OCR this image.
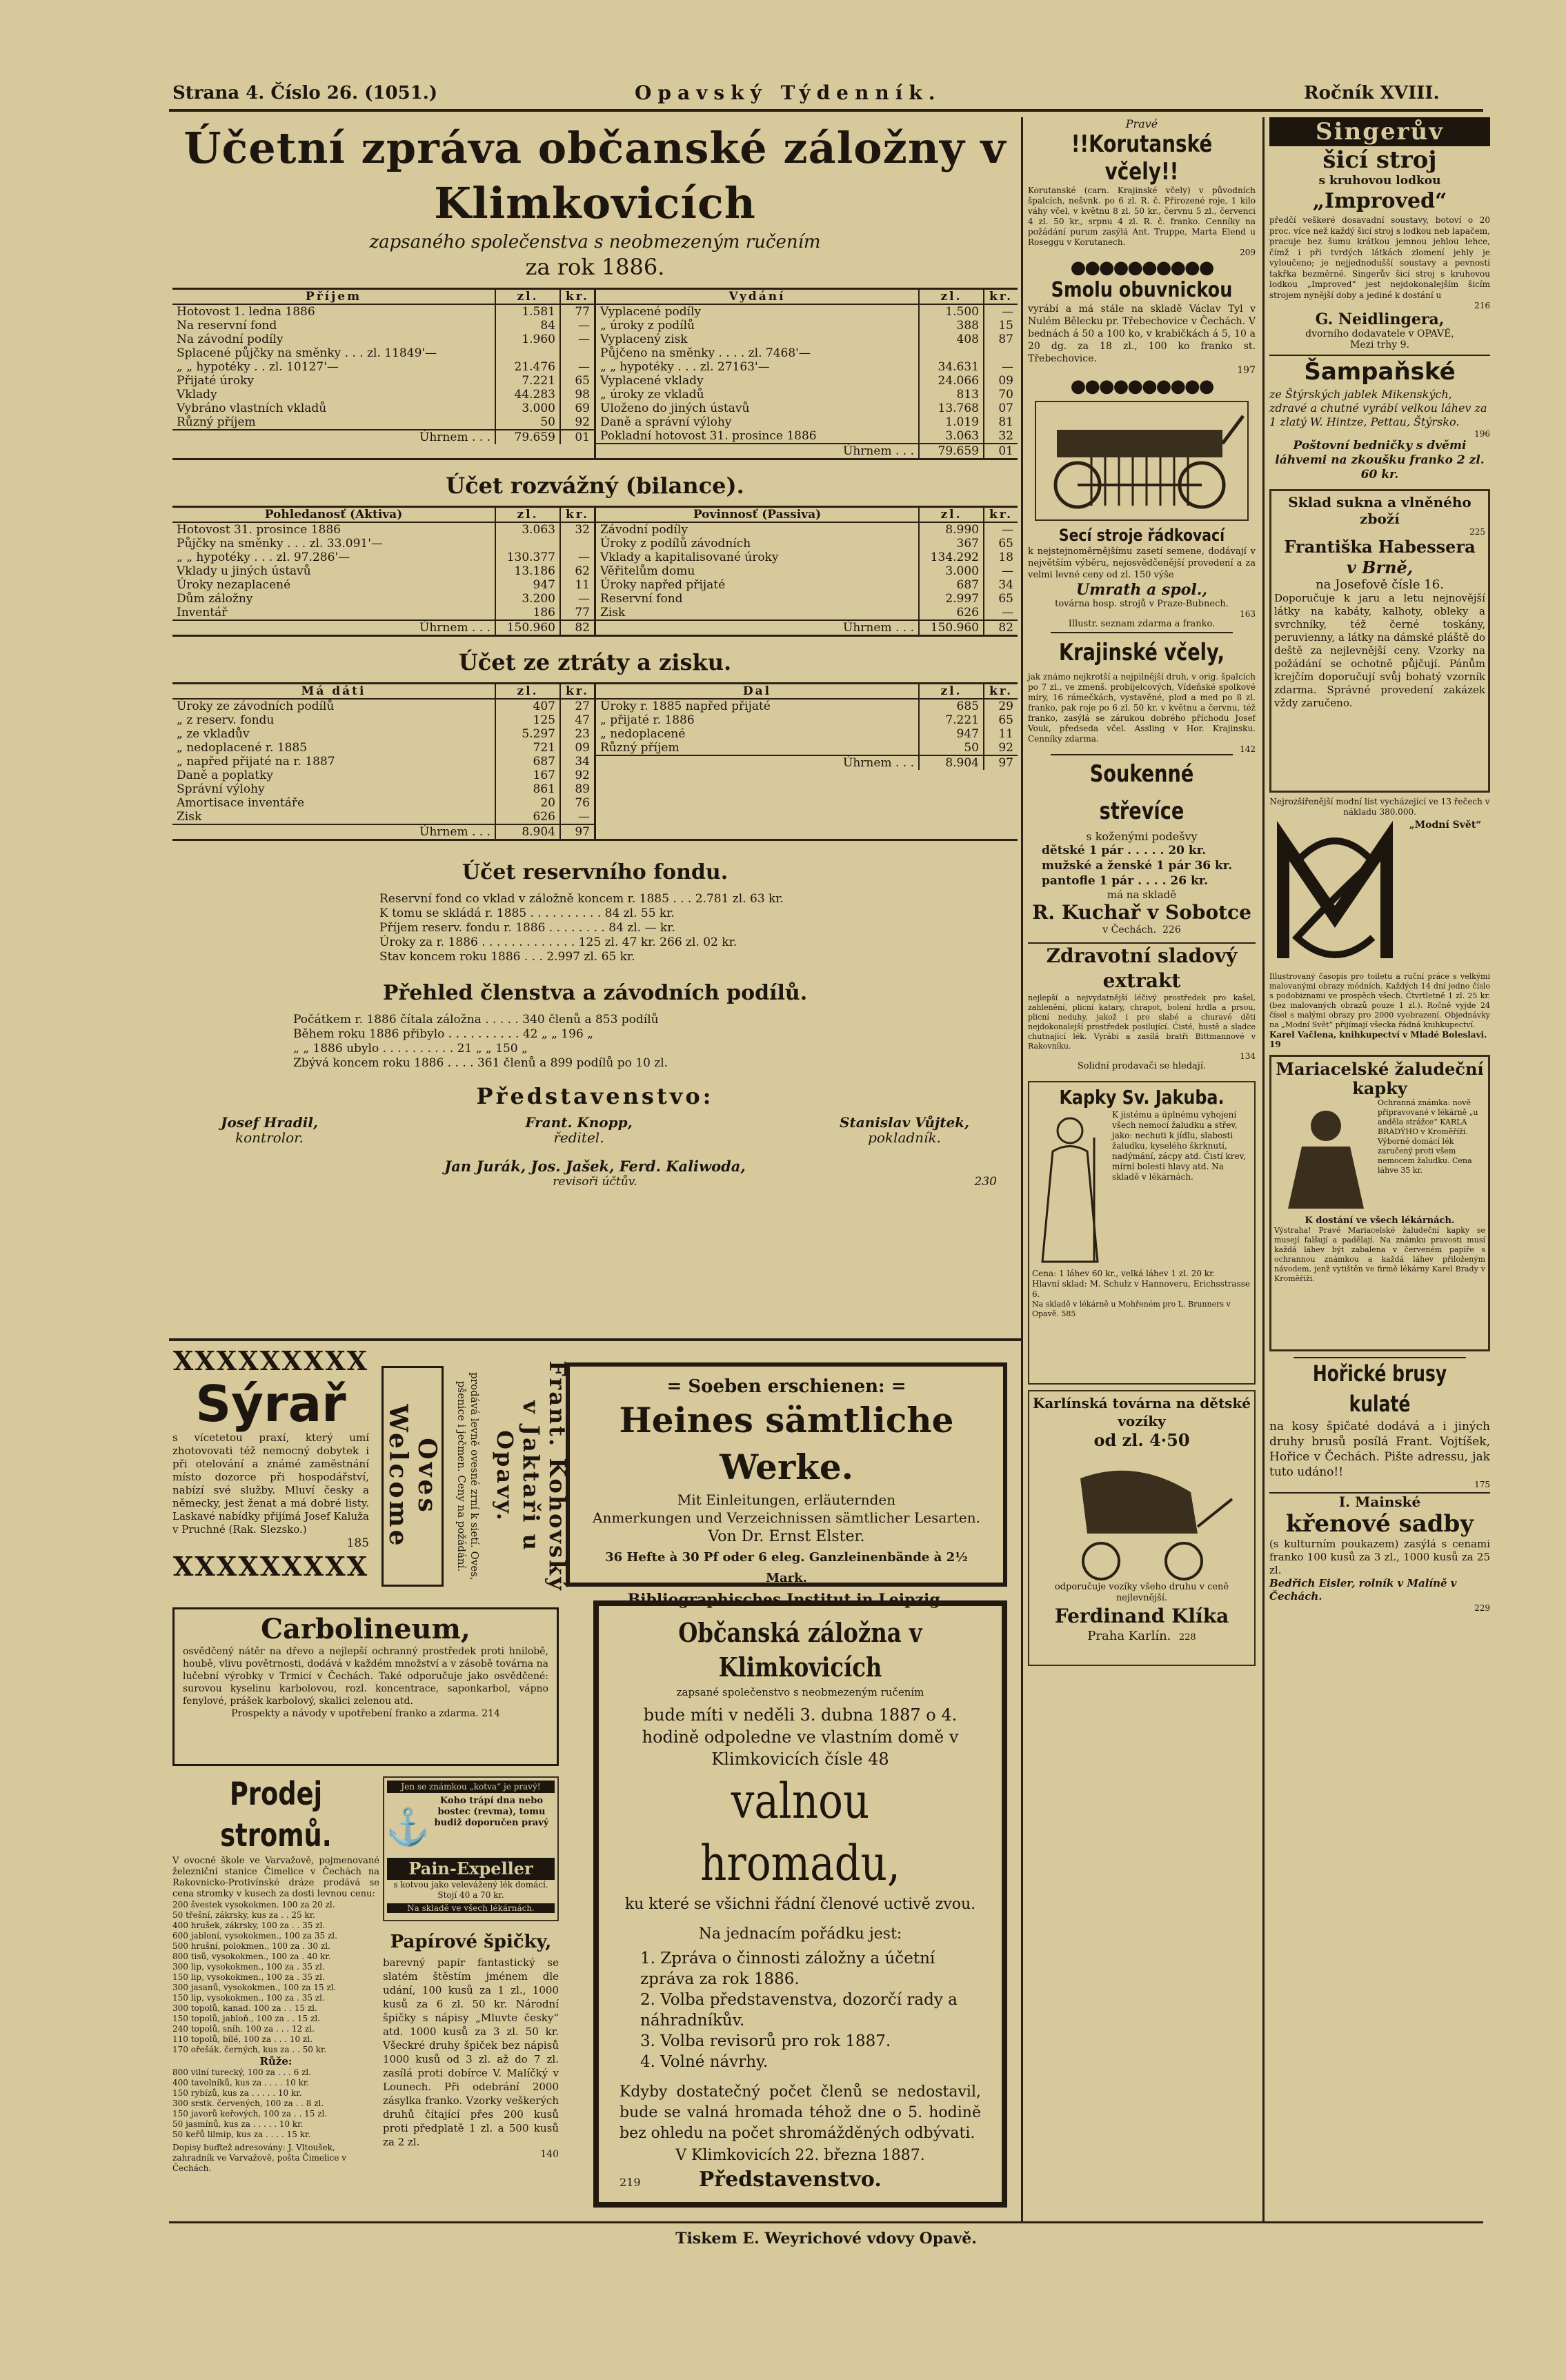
Strana 4. Číslo 26. (1051.)	Opavský Týdenník.	Ročník XVIII.
Účetní zpráva občanské záložny v Klimkovicích
zapsaného společenstva s neobmezeným ručením
za rok 1886.
Příjem	zl.	kr.
Hotovost 1. ledna 1886	1.581	77
Na reservní fond	84	—
Na závodní podíly	1.960	—
Splacené půjčky na směnky . . . zl. 11849'—		
„ „ hypotéky . . zl. 10127'—	21.476	—
Přijaté úroky	7.221	65
Vklady	44.283	98
Vybráno vlastních vkladů	3.000	69
Různý příjem	50	92
Úhrnem . . .	79.659	01
Vydání	zl.	kr.
Vyplacené podíly	1.500	—
„ úroky z podílů	388	15
Vyplacený zisk	408	87
Půjčeno na směnky . . . . zl. 7468'—		
„ „ hypotéky . . . zl. 27163'—	34.631	—
Vyplacené vklady	24.066	09
„ úroky ze vkladů	813	70
Uloženo do jiných ústavů	13.768	07
Daně a správní výlohy	1.019	81
Pokladní hotovost 31. prosince 1886	3.063	32
Úhrnem . . .	79.659	01
Účet rozvážný (bilance).
Pohledanosť (Aktiva)	zl.	kr.
Hotovost 31. prosince 1886	3.063	32
Půjčky na směnky . . . zl. 33.091'—		
„ „ hypotéky . . . zl. 97.286'—	130.377	—
Vklady u jiných ústavů	13.186	62
Úroky nezaplacené	947	11
Dům záložny	3.200	—
Inventář	186	77
Úhrnem . . .	150.960	82
Povinnosť (Passiva)	zl.	kr.
Závodní podíly	8.990	—
Úroky z podílů závodních	367	65
Vklady a kapitalisované úroky	134.292	18
Věřitelům domu	3.000	—
Úroky napřed přijaté	687	34
Reservní fond	2.997	65
Zisk	626	—
Úhrnem . . .	150.960	82
Účet ze ztráty a zisku.
Má dáti	zl.	kr.
Úroky ze závodních podílů	407	27
„ z reserv. fondu	125	47
„ ze vkladův	5.297	23
„ nedoplacené r. 1885	721	09
„ napřed přijaté na r. 1887	687	34
Daně a poplatky	167	92
Správní výlohy	861	89
Amortisace inventáře	20	76
Zisk	626	—
Úhrnem . . .	8.904	97
Dal	zl.	kr.
Úroky r. 1885 napřed přijaté	685	29
„ přijaté r. 1886	7.221	65
„ nedoplacené	947	11
Různý příjem	50	92
Úhrnem . . .	8.904	97
Účet reservního fondu.
Reservní fond co vklad v záložně koncem r. 1885 . . . 2.781 zl. 63 kr.
K tomu se skládá r. 1885 . . . . . . . . . . 84 zl. 55 kr.
Příjem reserv. fondu r. 1886 . . . . . . . . 84 zl. — kr.
Úroky za r. 1886 . . . . . . . . . . . . . 125 zl. 47 kr. 266 zl. 02 kr.
Stav koncem roku 1886 . . . 2.997 zl. 65 kr.
Přehled členstva a závodních podílů.
Počátkem r. 1886 čítala záložna . . . . . 340 členů a 853 podílů
Během roku 1886 přibylo . . . . . . . . . . 42 „ „ 196 „
„ „ 1886 ubylo . . . . . . . . . . 21 „ „ 150 „
Zbývá koncem roku 1886 . . . . 361 členů a 899 podílů po 10 zl.
Představenstvo:
Josef Hradil,
kontrolor.
Frant. Knopp,
ředitel.
Stanislav Vůjtek,
pokladník.
Jan Jurák, Jos. Jašek, Ferd. Kaliwoda,
revisoři účtův.	230
XXXXXXXXX
Sýrař
s vícetetou praxí, který umí zhotovovati též nemocný dobytek i při otelování a známé zaměstnání místo dozorce při hospodářství, nabízí své služby. Mluví česky a německy, jest ženat a má dobré listy. Laskavé nabídky přijímá Josef Kaluža v Pruchné (Rak. Slezsko.)
185
XXXXXXXXX	Frant. Kohovský v Jaktaři u Opavy.
prodává levně ovesné zrní k sietí. Oves, pšenice i ječmen. Ceny na požádání.
Oves Welcome
= Soeben erschienen: =
Heines sämtliche Werke.
Mit Einleitungen, erläuternden
Anmerkungen und Verzeichnissen sämtlicher Lesarten.
Von Dr. Ernst Elster.
36 Hefte à 30 Pf oder 6 eleg. Ganzleinenbände à 2½ Mark.
Bibliographisches Institut in Leipzig.
Carbolineum,
osvědčený nátěr na dřevo a nejlepší ochranný prostředek proti hnilobě, houbě, vlivu povětrnosti, dodává v každém množství a v zásobě továrna na lučební výrobky v Trmicí v Čechách. Také odporučuje jako osvědčené: surovou kyselinu karbolovou, rozl. koncentrace, saponkarbol, vápno fenylové, prášek karbolový, skalici zelenou atd.
Prospekty a návody v upotřebení franko a zdarma. 214
Prodej stromů.
V ovocné škole ve Varvažově, pojmenované železniční stanice Čimelice v Čechách na Rakovnicko-Protivínské dráze prodává se cena stromky v kusech za dosti levnou cenu:
200 švestek vysokokmen. 100 za 20 zl.
50 třešní, zákrsky, kus za . . 25 kr.
400 hrušek, zákrsky, 100 za . . 35 zl.
600 jabloní, vysokokmen., 100 za 35 zl.
500 hrušní, polokmen., 100 za . 30 zl.
800 tisů, vysokokmen., 100 za . 40 kr.
300 lip, vysokokmen., 100 za . 35 zl.
150 lip, vysokokmen., 100 za . 35 zl.
300 jasanů, vysokokmen., 100 za 15 zl.
150 lip, vysokokmen., 100 za . 35 zl.
300 topolů, kanad. 100 za . . 15 zl.
150 topolů, jabloň., 100 za . . 15 zl.
240 topolů, sníh. 100 za . . . 12 zl.
110 topolů, bílé, 100 za . . . 10 zl.
170 ořešák. černých, kus za . . 50 kr.
Růže:
800 vilní turecký, 100 za . . . 6 zl.
400 tavolníků, kus za . . . . 10 kr.
150 rybízů, kus za . . . . . 10 kr.
300 srstk. červených, 100 za . . 8 zl.
150 javorů keřových, 100 za . . 15 zl.
50 jasmínů, kus za . . . . . 10 kr.
50 keřů lilmip, kus za . . . . 15 kr.
Dopisy buďtež adresovány: J. Vltoušek, zahradník ve Varvažově, pošta Čimelice v Čechách.
Jen se známkou „kotva“ je pravý!
⚓
Koho trápí dna nebo bostec (revma), tomu budiž doporučen pravý
Pain-Expeller
s kotvou jako velevážený lék domácí. Stojí 40 a 70 kr.
Na skladě ve všech lékárnách.
Papírové špičky,
barevný papír fantastický se slatém štěstím jménem dle udání, 100 kusů za 1 zl., 1000 kusů za 6 zl. 50 kr. Národní špičky s nápisy „Mluvte česky“ atd. 1000 kusů za 3 zl. 50 kr. Všeckré druhy špiček bez nápisů 1000 kusů od 3 zl. až do 7 zl. zasílá proti dobírce V. Malíčký v Lounech. Při odebrání 2000 zásylka franko. Vzorky veškerých druhů čítající přes 200 kusů proti předplatě 1 zl. a 500 kusů za 2 zl.
140
Občanská záložna v Klimkovicích
zapsané společenstvo s neobmezeným ručením
bude míti v neděli 3. dubna 1887 o 4. hodině odpoledne ve vlastním domě v Klimkovicích čísle 48
valnou hromadu,
ku které se všichni řádní členové uctivě zvou.
Na jednacím pořádku jest:
1. Zpráva o činnosti záložny a účetní zpráva za rok 1886.
2. Volba představenstva, dozorčí rady a náhradníkův.
3. Volba revisorů pro rok 1887.
4. Volné návrhy.
Kdyby dostatečný počet členů se nedostavil, bude se valná hromada téhož dne o 5. hodině bez ohledu na počet shromážděných odbývati.
V Klimkovicích 22. března 1887.
219	Představenstvo.
Pravé
!!Korutanské včely!!
Korutanské (carn. Krajinské včely) v původních špalcích, nešvnk. po 6 zl. R. č. Přirozené roje, 1 kilo váhy včel, v květnu 8 zl. 50 kr., červnu 5 zl., červenci 4 zl. 50 kr., srpnu 4 zl. R. č. franko. Cenníky na požádání purum zasýlá Ant. Truppe, Marta Elend u Roseggu v Korutanech.
209
●●●●●●●●●●
Smolu obuvnickou
vyrábí a má stále na skladě Václav Tyl v Nulém Bělecku pr. Třebechovice v Čechách. V bednách á 50 a 100 ko, v krabičkách á 5, 10 a 20 dg. za 18 zl., 100 ko franko st. Třebechovice.
197
●●●●●●●●●●
Secí stroje řádkovací
k nejstejnoměrnějšímu zasetí semene, dodávají v největším výběru, nejosvědčenější provedení a za velmi levné ceny od zl. 150 výše
Umrath a spol.,
továrna hosp. strojů v Praze-Bubnech.
163
Illustr. seznam zdarma a franko.
Krajinské včely,
jak známo nejkrotší a nejpilnější druh, v orig. špalcích po 7 zl., ve zmenš. probíjelcových, Vídeňské spolkové míry, 16 rámečkách, vystavěné, plod a med po 8 zl. franko, pak roje po 6 zl. 50 kr. v květnu a červnu, též franko, zasýlá se zárukou dobrého příchodu Josef Vouk, předseda včel. Assling v Hor. Krajinsku. Cenníky zdarma.
142
Soukenné střevíce
s koženými podešvy
dětské 1 pár . . . . . 20 kr.
mužské a ženské 1 pár 36 kr.
pantofle 1 pár . . . . 26 kr.
má na skladě
R. Kuchař v Sobotce
v Čechách. 226
Zdravotní sladový extrakt
nejlepší a nejvydatnější léčivý prostředek pro kašel, zahlenění, plicní katary, chrapot, bolení hrdla a prsou, plicní neduhy, jakož i pro slabé a churavé děti nejdokonalejší prostředek posilující. Čisté, hustě a sladce chutnající lék. Vyrábí a zasílá bratři Bittmannové v Rakovníku.
134
Solidní prodavači se hledají.
Kapky Sv. Jakuba.
K jistému a úplnému vyhojení všech nemocí žaludku a střev, jako: nechuti k jídlu, slabosti žaludku, kyselého škrknutí, nadýmání, zácpy atd. Čistí krev, mírní bolesti hlavy atd. Na skladě v lékárnách.
Cena: 1 láhev 60 kr., velká láhev 1 zl. 20 kr.
Hlavní sklad: M. Schulz v Hannoveru, Erichsstrasse 6.
Na skladě v lékárně u Mohřeném pro L. Brunners v Opavě. 585
Karlínská továrna na dětské vozíky
od zl. 4·50
odporučuje vozíky všeho druhu v ceně nejlevnější.
Ferdinand Klíka
Praha Karlín. 228
Singerův
šicí stroj
s kruhovou lodkou
„Improved“
předčí veškeré dosavadní soustavy, botoví o 20 proc. více než každý šicí stroj s lodkou neb lapačem, pracuje bez šumu krátkou jemnou jehlou lehce, čímž i při tvrdých látkách zlomení jehly je vyloučeno; je nejjednodušší soustavy a pevností takřka bezměrné. Singerův šicí stroj s kruhovou lodkou „Improved“ jest nejdokonalejším šicím strojem nynější doby a jediné k dostání u
216
G. Neidlingera,
dvorního dodavatele v OPAVĚ,
Mezi trhy 9.
Šampaňské
ze Štýrských jablek Mikenských, zdravé a chutné vyrábí velkou láhev za 1 zlatý W. Hintze, Pettau, Štýrsko.
196
Poštovní bedničky s dvěmi láhvemi na zkoušku franko 2 zl. 60 kr.
Sklad sukna a vlněného zboží
225
Františka Habessera
v Brně,
na Josefově čísle 16.
Doporučuje k jaru a letu nejnovější látky na kabáty, kalhoty, obleky a svrchníky, též černé toskány, peruvienny, a látky na dámské pláště do deště za nejlevnější ceny. Vzorky na požádání se ochotně půjčují. Pánům krejčím doporučují svůj bohatý vzorník zdarma. Správné provedení zakázek vždy zaručeno.
Nejrozšířenější modní list vycházející ve 13 řečech v nákladu 380.000.
„Modní Svět“
Illustrovaný časopis pro toiletu a ruční práce s velkými malovanými obrazy módních. Každých 14 dní jedno číslo s podobiznami ve prospěch všech. Čtvrtletně 1 zl. 25 kr. (bez malovaných obrazů pouze 1 zl.). Ročně vyjde 24 čísel s malými obrazy pro 2000 vyobrazení. Objednávky na „Modní Svět“ přijímají všecka řádná knihkupectví.
Karel Vačlena, knihkupectví v Mladé Boleslavi. 19
Mariacelské žaludeční kapky
Ochranná známka: nově připravované v lékárně „u anděla strážce“ KARLA BRADÝHO v Kroměříži. Výborné domácí lék zaručený proti všem nemocem žaludku. Cena láhve 35 kr.
K dostání ve všech lékárnách.
Výstraha! Pravé Mariacelské žaludeční kapky se musejí falšují a padělají. Na známku pravosti musí každá láhev být zabalena v červeném papíře s ochrannou známkou a každá láhev přiloženým návodem, jenž vytištěn ve firmě lékárny Karel Brady v Kroměříži.
Hořické brusy kulaté
na kosy špičaté dodává a i jiných druhy brusů posílá Frant. Vojtíšek, Hořice v Čechách. Pište adressu, jak tuto udáno!!
175
I. Mainské
křenové sadby
(s kulturním poukazem) zasýlá s cenami franko 100 kusů za 3 zl., 1000 kusů za 25 zl.
Bedřich Eisler, rolník v Malíně v Čechách.
229
Tiskem E. Weyrichové vdovy Opavě.
